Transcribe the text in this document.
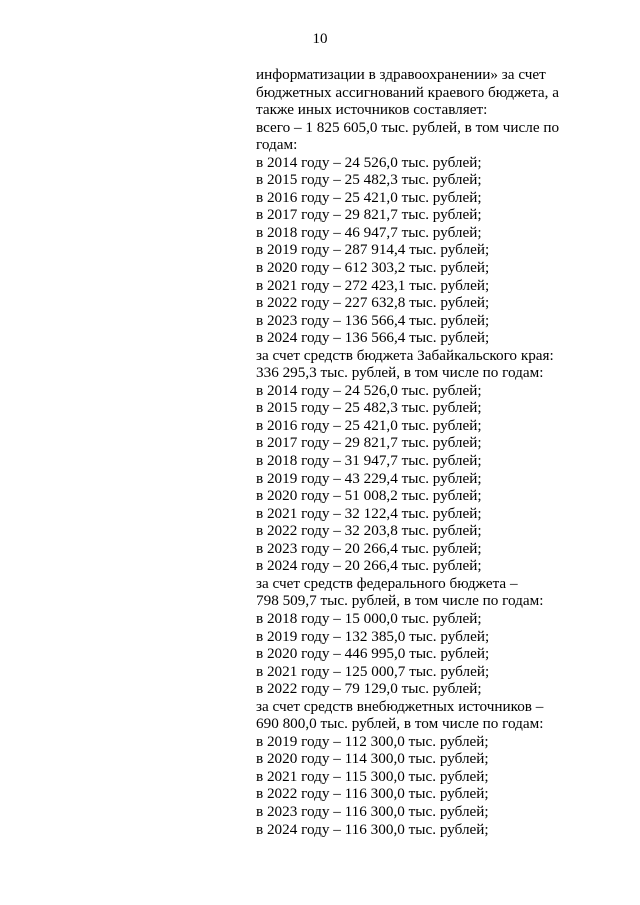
10
информатизации в здравоохранении» за счет
бюджетных ассигнований краевого бюджета, а
также иных источников составляет:
всего – 1 825 605,0 тыс. рублей, в том числе по
годам:
в 2014 году – 24 526,0 тыс. рублей;
в 2015 году – 25 482,3 тыс. рублей;
в 2016 году – 25 421,0 тыс. рублей;
в 2017 году – 29 821,7 тыс. рублей;
в 2018 году – 46 947,7 тыс. рублей;
в 2019 году – 287 914,4 тыс. рублей;
в 2020 году – 612 303,2 тыс. рублей;
в 2021 году – 272 423,1 тыс. рублей;
в 2022 году – 227 632,8 тыс. рублей;
в 2023 году – 136 566,4 тыс. рублей;
в 2024 году – 136 566,4 тыс. рублей;
за счет средств бюджета Забайкальского края:
336 295,3 тыс. рублей, в том числе по годам:
в 2014 году – 24 526,0 тыс. рублей;
в 2015 году – 25 482,3 тыс. рублей;
в 2016 году – 25 421,0 тыс. рублей;
в 2017 году – 29 821,7 тыс. рублей;
в 2018 году – 31 947,7 тыс. рублей;
в 2019 году – 43 229,4 тыс. рублей;
в 2020 году – 51 008,2 тыс. рублей;
в 2021 году – 32 122,4 тыс. рублей;
в 2022 году – 32 203,8 тыс. рублей;
в 2023 году – 20 266,4 тыс. рублей;
в 2024 году – 20 266,4 тыс. рублей;
за счет средств федерального бюджета –
798 509,7 тыс. рублей, в том числе по годам:
в 2018 году – 15 000,0 тыс. рублей;
в 2019 году – 132 385,0 тыс. рублей;
в 2020 году – 446 995,0 тыс. рублей;
в 2021 году – 125 000,7 тыс. рублей;
в 2022 году – 79 129,0 тыс. рублей;
за счет средств внебюджетных источников –
690 800,0 тыс. рублей, в том числе по годам:
в 2019 году – 112 300,0 тыс. рублей;
в 2020 году – 114 300,0 тыс. рублей;
в 2021 году – 115 300,0 тыс. рублей;
в 2022 году – 116 300,0 тыс. рублей;
в 2023 году – 116 300,0 тыс. рублей;
в 2024 году – 116 300,0 тыс. рублей;
